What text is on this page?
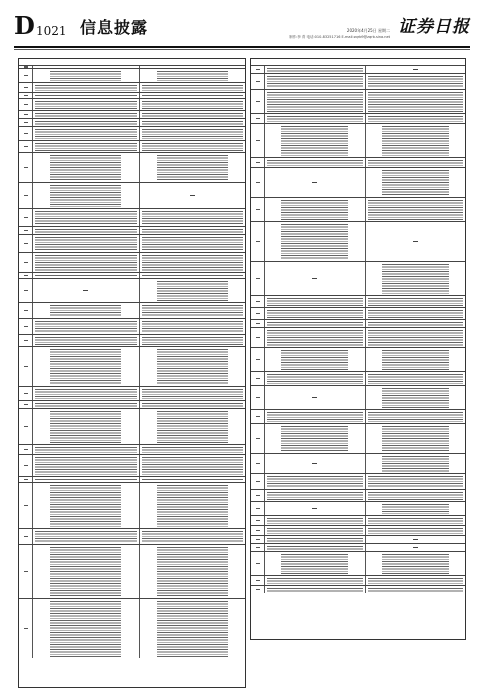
D 1021 信息披露	2020年4月25日 星期二
制作:李 青 电话:010-83251716 E-mail:zqrb9@zqrb.sina.net 证券日报
